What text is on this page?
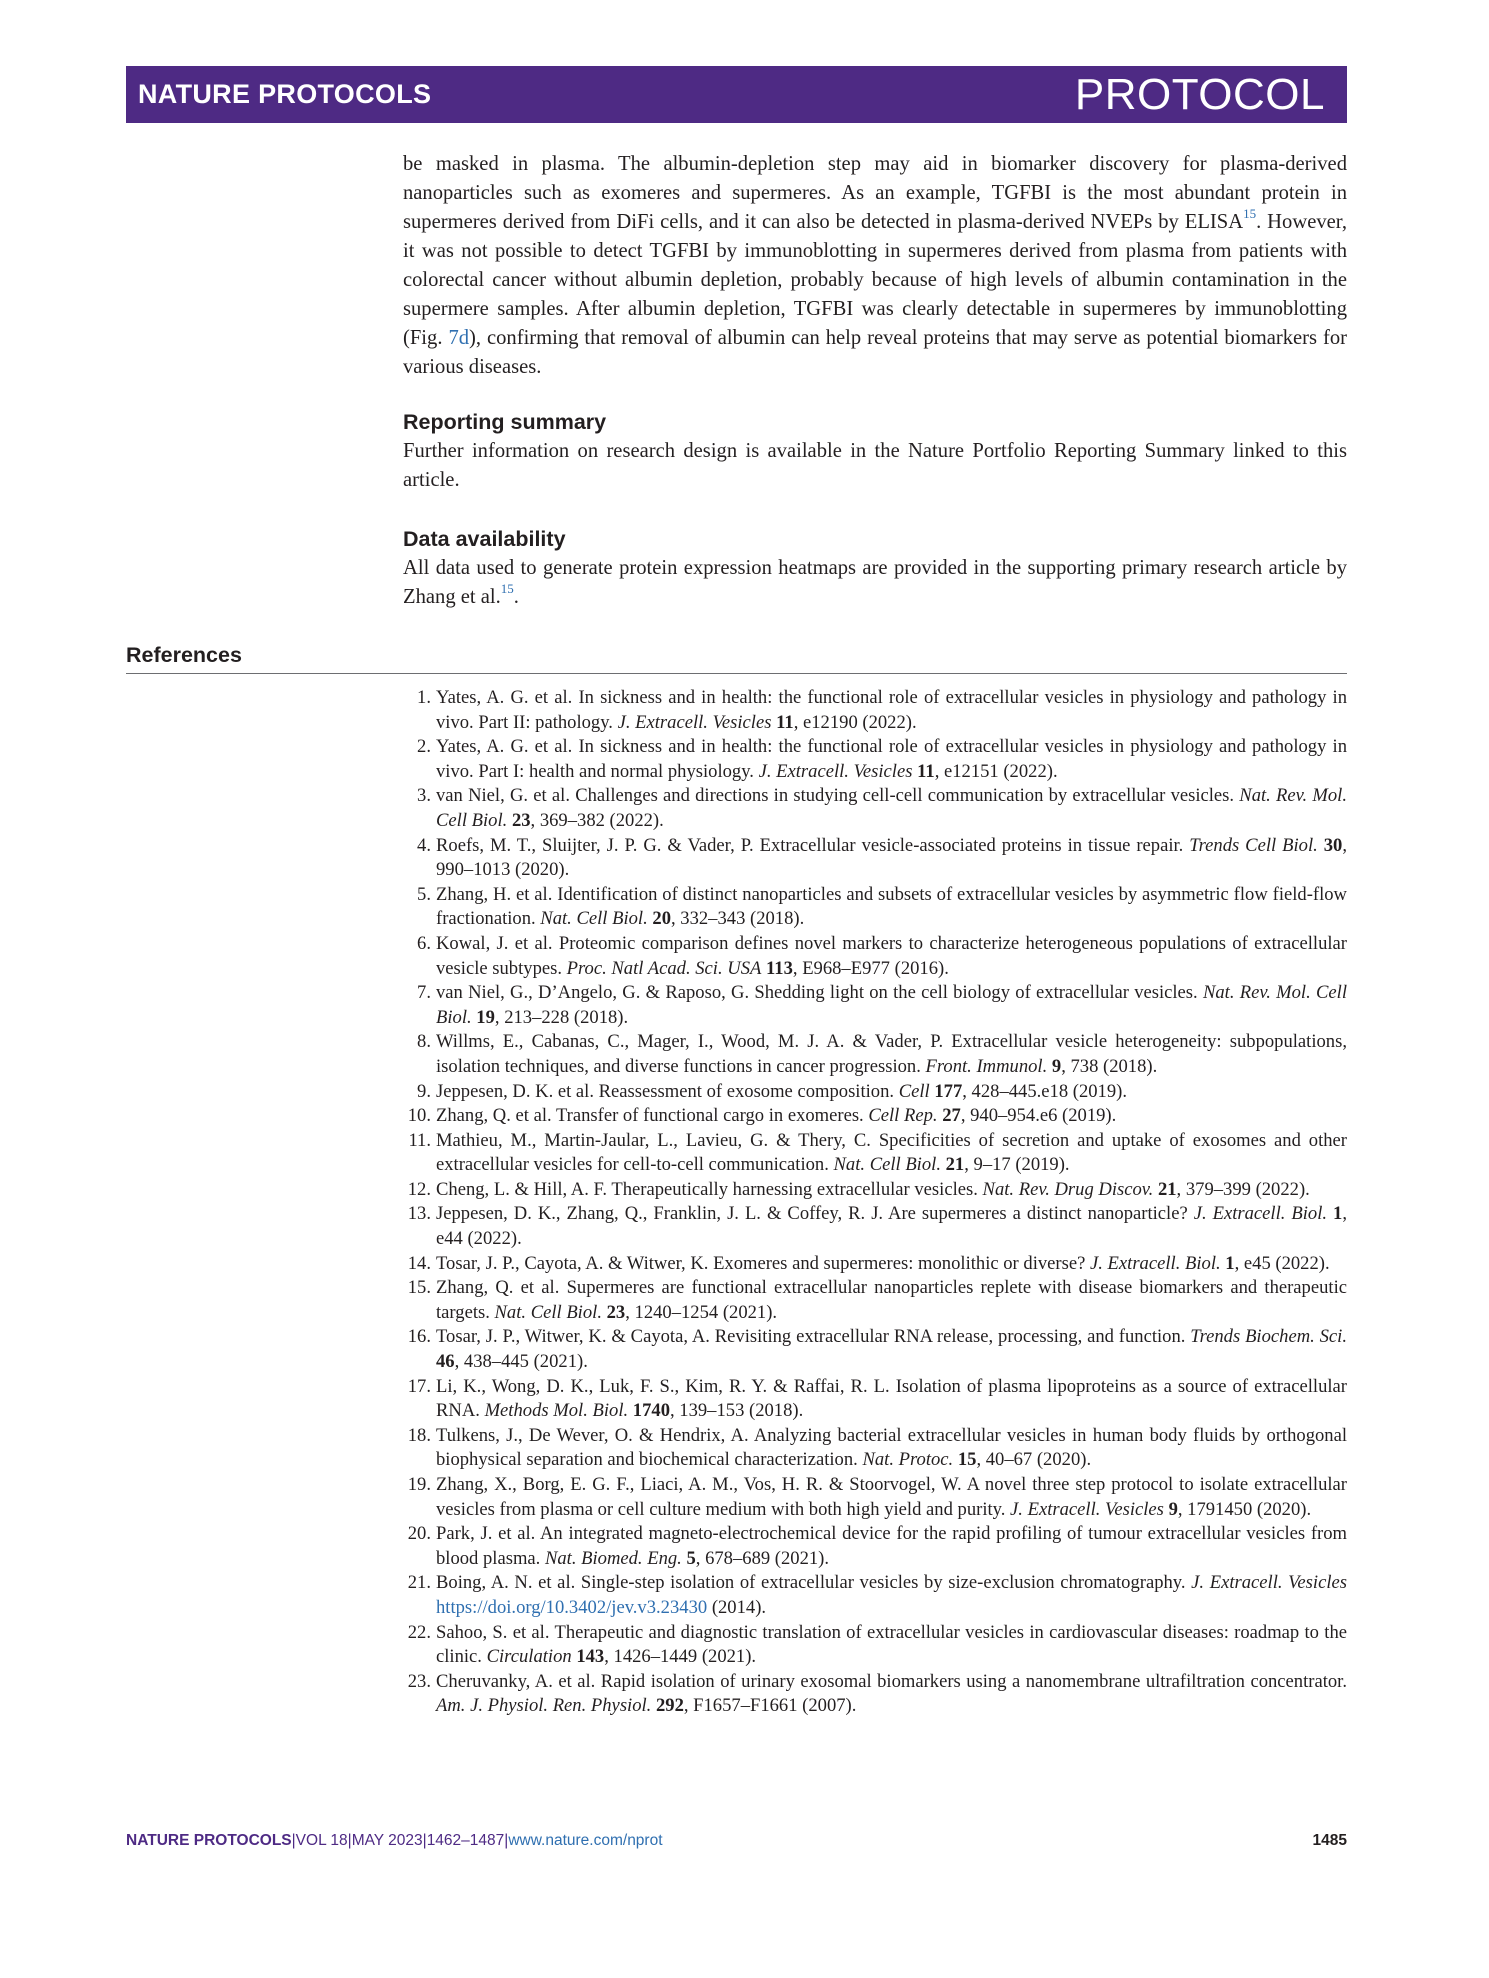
NATURE PROTOCOLS	PROTOCOL

be masked in plasma. The albumin-depletion step may aid in biomarker discovery for plasma-derived nanoparticles such as exomeres and supermeres. As an example, TGFBI is the most abundant protein in supermeres derived from DiFi cells, and it can also be detected in plasma-derived NVEPs by ELISA$^{15}$. However, it was not possible to detect TGFBI by immunoblotting in supermeres derived from plasma from patients with colorectal cancer without albumin depletion, probably because of high levels of albumin contamination in the supermere samples. After albumin depletion, TGFBI was clearly detectable in supermeres by immunoblotting (Fig. 7d), confirming that removal of albumin can help reveal proteins that may serve as potential biomarkers for various diseases.

Reporting summary

Further information on research design is available in the Nature Portfolio Reporting Summary linked to this article.

Data availability

All data used to generate protein expression heatmaps are provided in the supporting primary research article by Zhang et al.$^{15}$.

References
1. Yates, A. G. et al. In sickness and in health: the functional role of extracellular vesicles in physiology and pathology in vivo. Part II: pathology. J. Extracell. Vesicles 11, e12190 (2022).
2. Yates, A. G. et al. In sickness and in health: the functional role of extracellular vesicles in physiology and pathology in vivo. Part I: health and normal physiology. J. Extracell. Vesicles 11, e12151 (2022).
3. van Niel, G. et al. Challenges and directions in studying cell-cell communication by extracellular vesicles. Nat. Rev. Mol. Cell Biol. 23, 369–382 (2022).
4. Roefs, M. T., Sluijter, J. P. G. & Vader, P. Extracellular vesicle-associated proteins in tissue repair. Trends Cell Biol. 30, 990–1013 (2020).
5. Zhang, H. et al. Identification of distinct nanoparticles and subsets of extracellular vesicles by asymmetric flow field-flow fractionation. Nat. Cell Biol. 20, 332–343 (2018).
6. Kowal, J. et al. Proteomic comparison defines novel markers to characterize heterogeneous populations of extracellular vesicle subtypes. Proc. Natl Acad. Sci. USA 113, E968–E977 (2016).
7. van Niel, G., D’Angelo, G. & Raposo, G. Shedding light on the cell biology of extracellular vesicles. Nat. Rev. Mol. Cell Biol. 19, 213–228 (2018).
8. Willms, E., Cabanas, C., Mager, I., Wood, M. J. A. & Vader, P. Extracellular vesicle heterogeneity: subpopulations, isolation techniques, and diverse functions in cancer progression. Front. Immunol. 9, 738 (2018).
9. Jeppesen, D. K. et al. Reassessment of exosome composition. Cell 177, 428–445.e18 (2019).
10. Zhang, Q. et al. Transfer of functional cargo in exomeres. Cell Rep. 27, 940–954.e6 (2019).
11. Mathieu, M., Martin-Jaular, L., Lavieu, G. & Thery, C. Specificities of secretion and uptake of exosomes and other extracellular vesicles for cell-to-cell communication. Nat. Cell Biol. 21, 9–17 (2019).
12. Cheng, L. & Hill, A. F. Therapeutically harnessing extracellular vesicles. Nat. Rev. Drug Discov. 21, 379–399 (2022).
13. Jeppesen, D. K., Zhang, Q., Franklin, J. L. & Coffey, R. J. Are supermeres a distinct nanoparticle? J. Extracell. Biol. 1, e44 (2022).
14. Tosar, J. P., Cayota, A. & Witwer, K. Exomeres and supermeres: monolithic or diverse? J. Extracell. Biol. 1, e45 (2022).
15. Zhang, Q. et al. Supermeres are functional extracellular nanoparticles replete with disease biomarkers and therapeutic targets. Nat. Cell Biol. 23, 1240–1254 (2021).
16. Tosar, J. P., Witwer, K. & Cayota, A. Revisiting extracellular RNA release, processing, and function. Trends Biochem. Sci. 46, 438–445 (2021).
17. Li, K., Wong, D. K., Luk, F. S., Kim, R. Y. & Raffai, R. L. Isolation of plasma lipoproteins as a source of extracellular RNA. Methods Mol. Biol. 1740, 139–153 (2018).
18. Tulkens, J., De Wever, O. & Hendrix, A. Analyzing bacterial extracellular vesicles in human body fluids by orthogonal biophysical separation and biochemical characterization. Nat. Protoc. 15, 40–67 (2020).
19. Zhang, X., Borg, E. G. F., Liaci, A. M., Vos, H. R. & Stoorvogel, W. A novel three step protocol to isolate extracellular vesicles from plasma or cell culture medium with both high yield and purity. J. Extracell. Vesicles 9, 1791450 (2020).
20. Park, J. et al. An integrated magneto-electrochemical device for the rapid profiling of tumour extracellular vesicles from blood plasma. Nat. Biomed. Eng. 5, 678–689 (2021).
21. Boing, A. N. et al. Single-step isolation of extracellular vesicles by size-exclusion chromatography. J. Extracell. Vesicles https://doi.org/10.3402/jev.v3.23430 (2014).
22. Sahoo, S. et al. Therapeutic and diagnostic translation of extracellular vesicles in cardiovascular diseases: roadmap to the clinic. Circulation 143, 1426–1449 (2021).
23. Cheruvanky, A. et al. Rapid isolation of urinary exosomal biomarkers using a nanomembrane ultrafiltration concentrator. Am. J. Physiol. Ren. Physiol. 292, F1657–F1661 (2007).
NATURE PROTOCOLS|VOL 18|MAY 2023|1462–1487|www.nature.com/nprot	1485
